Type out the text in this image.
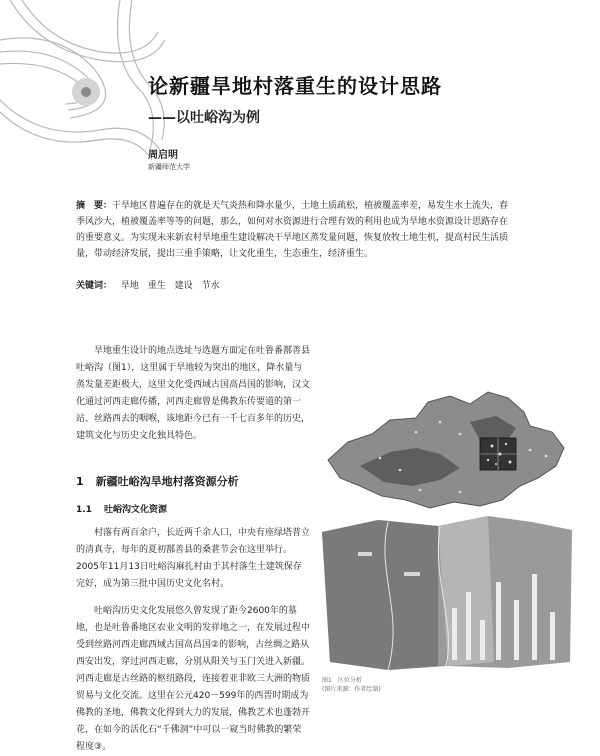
论新疆旱地村落重生的设计思路
——以吐峪沟为例
周启明
新疆师范大学
摘　要：干旱地区普遍存在的就是天气炎热和降水量少，土地土质疏松，植被覆盖率差，易发生水土流失，春季风沙大，植被覆盖率等等的问题，那么，如何对水资源进行合理有效的利用也成为旱地水资源设计思路存在的重要意义。为实现未来新农村旱地重生建设解决干旱地区蒸发量问题，恢复放牧土地生机，提高村民生活质量，带动经济发展，提出三重手策略，让文化重生，生态重生，经济重生。
关键词： 旱地 重生 建设 节水

旱地重生设计的地点选址与选题方面定在吐鲁番鄯善县吐峪沟（图1），这里属于旱地较为突出的地区，降水量与蒸发量差距极大，这里文化受西域古国高昌国的影响，汉文化通过河西走廊传播，河西走廊曾是佛教东传要道的第一站、丝路西去的咽喉，该地距今已有一千七百多年的历史，建筑文化与历史文化独具特色。

1 新疆吐峪沟旱地村落资源分析
1.1 吐峪沟文化资源

村落有两百余户，长近两千余人口，中央有座绿塔普立的清真寺，每年的夏初鄯善县的桑葚节会在这里举行。2005年11月13日吐峪沟麻扎村由于其村落生土建筑保存完好，成为第三批中国历史文化名村。

吐峪沟历史文化发展悠久曾发现了距今2600年的墓地，也是吐鲁番地区农业文明的发祥地之一，在发展过程中受到丝路河西走廊西域古国高昌国②的影响，古丝绸之路从西安出发，穿过河西走廊，分别从阳关与玉门关进入新疆。河西走廊是古丝路的枢纽路段，连接着亚非欧三大洲的物质贸易与文化交流。这里在公元420－599年的西晋时期成为佛教的圣地，佛教文化得到大力的发展，佛教艺术也蓬勃开花，在如今的活化石“千佛洞”中可以一窥当时佛教的繁荣程度③。

图1　区位分析
(图片来源：作者绘制)
